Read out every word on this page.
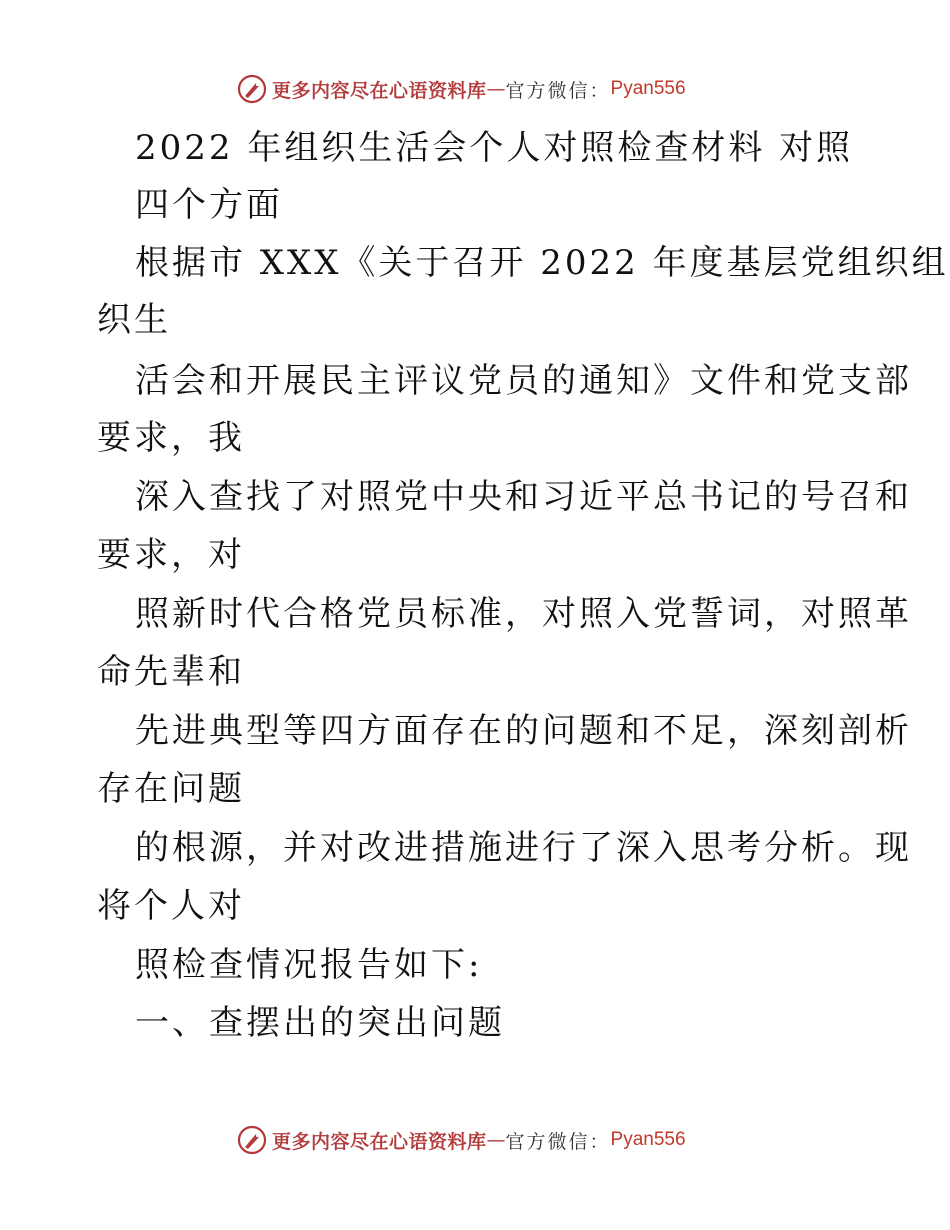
更多内容尽在心语资料库 — 官方微信： Pyan556
2022 年组织生活会个人对照检查材料 对照
四个方面
根据市 XXX《关于召开 2022 年度基层党组织组
织生
活会和开展民主评议党员的通知》文件和党支部
要求，我
深入查找了对照党中央和习近平总书记的号召和
要求，对
照新时代合格党员标准，对照入党誓词，对照革
命先辈和
先进典型等四方面存在的问题和不足，深刻剖析
存在问题
的根源，并对改进措施进行了深入思考分析。现
将个人对
照检查情况报告如下:
一、查摆出的突出问题
更多内容尽在心语资料库 — 官方微信： Pyan556
